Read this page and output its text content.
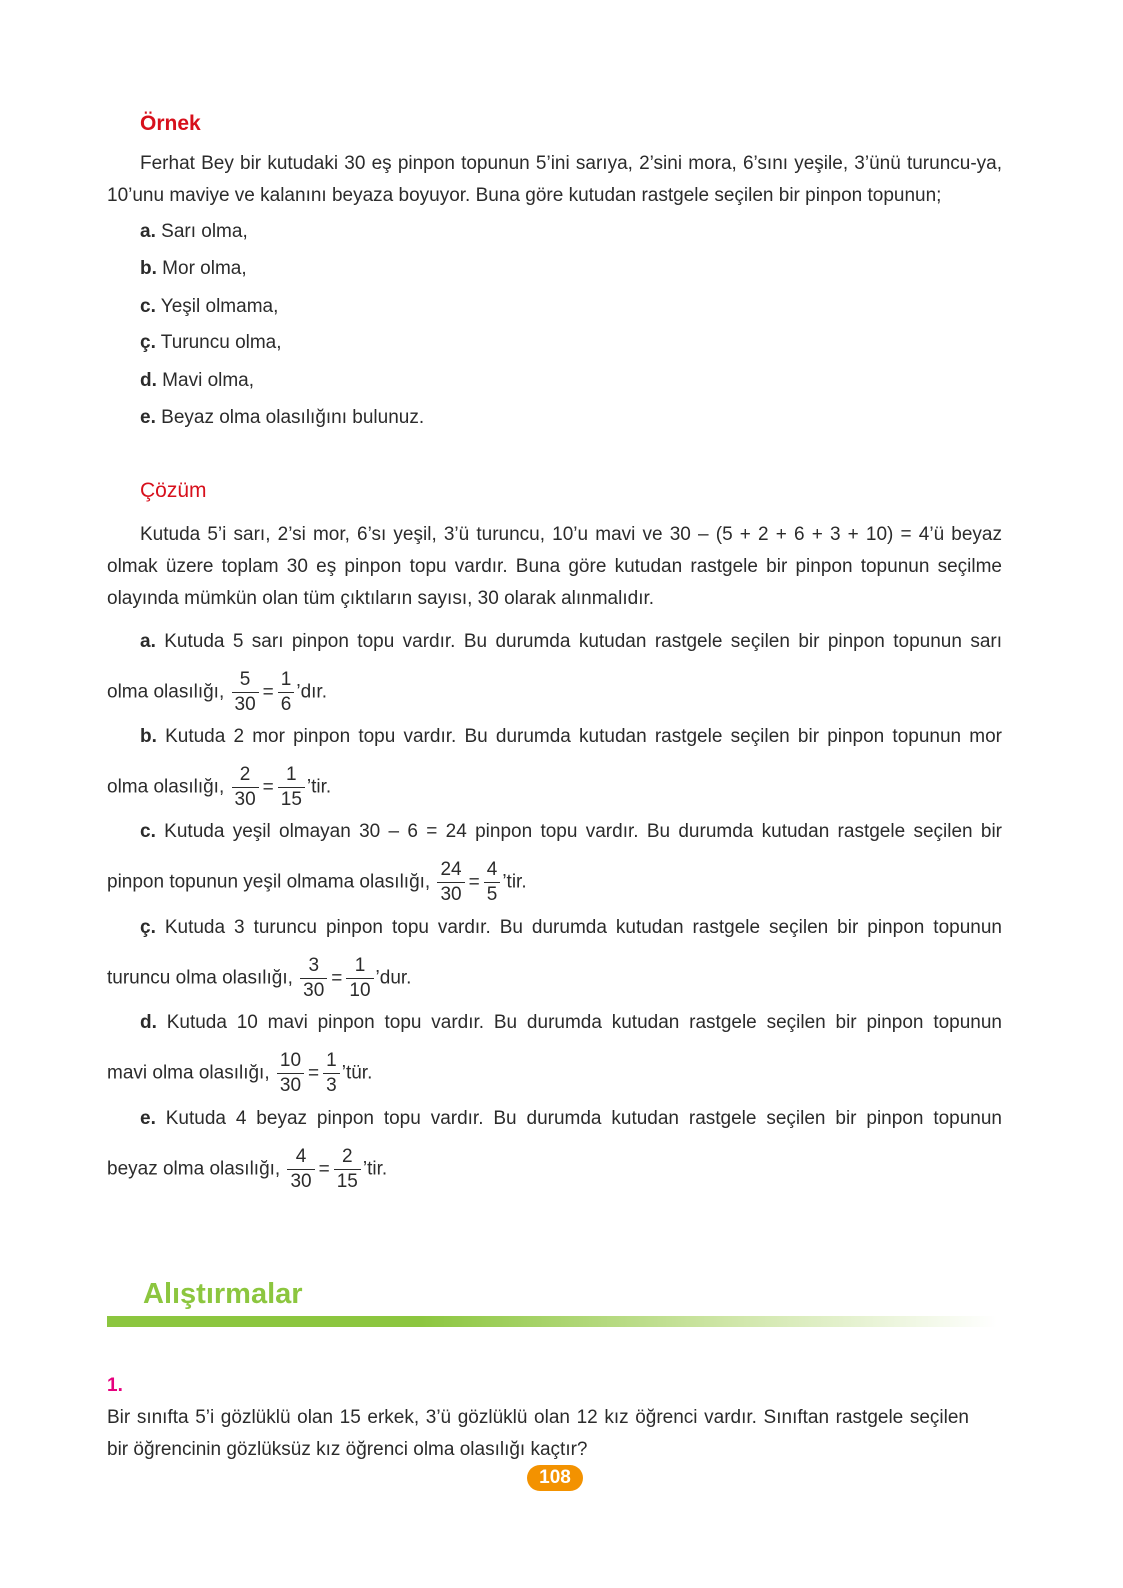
Örnek
Ferhat Bey bir kutudaki 30 eş pinpon topunun 5’ini sarıya, 2’sini mora, 6’sını yeşile, 3’ünü turuncu-ya, 10’unu maviye ve kalanını beyaza boyuyor. Buna göre kutudan rastgele seçilen bir pinpon topunun;
a. Sarı olma,
b. Mor olma,
c. Yeşil olmama,
ç. Turuncu olma,
d. Mavi olma,
e. Beyaz olma olasılığını bulunuz.
Çözüm
Kutuda 5’i sarı, 2’si mor, 6’sı yeşil, 3’ü turuncu, 10’u mavi ve 30 – (5 + 2 + 6 + 3 + 10) = 4’ü beyaz olmak üzere toplam 30 eş pinpon topu vardır. Buna göre kutudan rastgele bir pinpon topunun seçilme olayında mümkün olan tüm çıktıların sayısı, 30 olarak alınmalıdır.
a. Kutuda 5 sarı pinpon topu vardır. Bu durumda kutudan rastgele seçilen bir pinpon topunun sarı
olma olasılığı, $\frac{5}{30} = \frac{1}{6}$ ’dır.
b. Kutuda 2 mor pinpon topu vardır. Bu durumda kutudan rastgele seçilen bir pinpon topunun mor
olma olasılığı, $\frac{2}{30} = \frac{1}{15}$ ’tir.
c. Kutuda yeşil olmayan 30 – 6 = 24 pinpon topu vardır. Bu durumda kutudan rastgele seçilen bir
pinpon topunun yeşil olmama olasılığı, $\frac{24}{30} = \frac{4}{5}$ ’tir.
ç. Kutuda 3 turuncu pinpon topu vardır. Bu durumda kutudan rastgele seçilen bir pinpon topunun
turuncu olma olasılığı, $\frac{3}{30} = \frac{1}{10}$ ’dur.
d. Kutuda 10 mavi pinpon topu vardır. Bu durumda kutudan rastgele seçilen bir pinpon topunun
mavi olma olasılığı, $\frac{10}{30} = \frac{1}{3}$ ’tür.
e. Kutuda 4 beyaz pinpon topu vardır. Bu durumda kutudan rastgele seçilen bir pinpon topunun
beyaz olma olasılığı, $\frac{4}{30} = \frac{2}{15}$ ’tir.
Alıştırmalar
1. Bir sınıfta 5’i gözlüklü olan 15 erkek, 3’ü gözlüklü olan 12 kız öğrenci vardır. Sınıftan rastgele seçilen bir öğrencinin gözlüksüz kız öğrenci olma olasılığı kaçtır?
108
